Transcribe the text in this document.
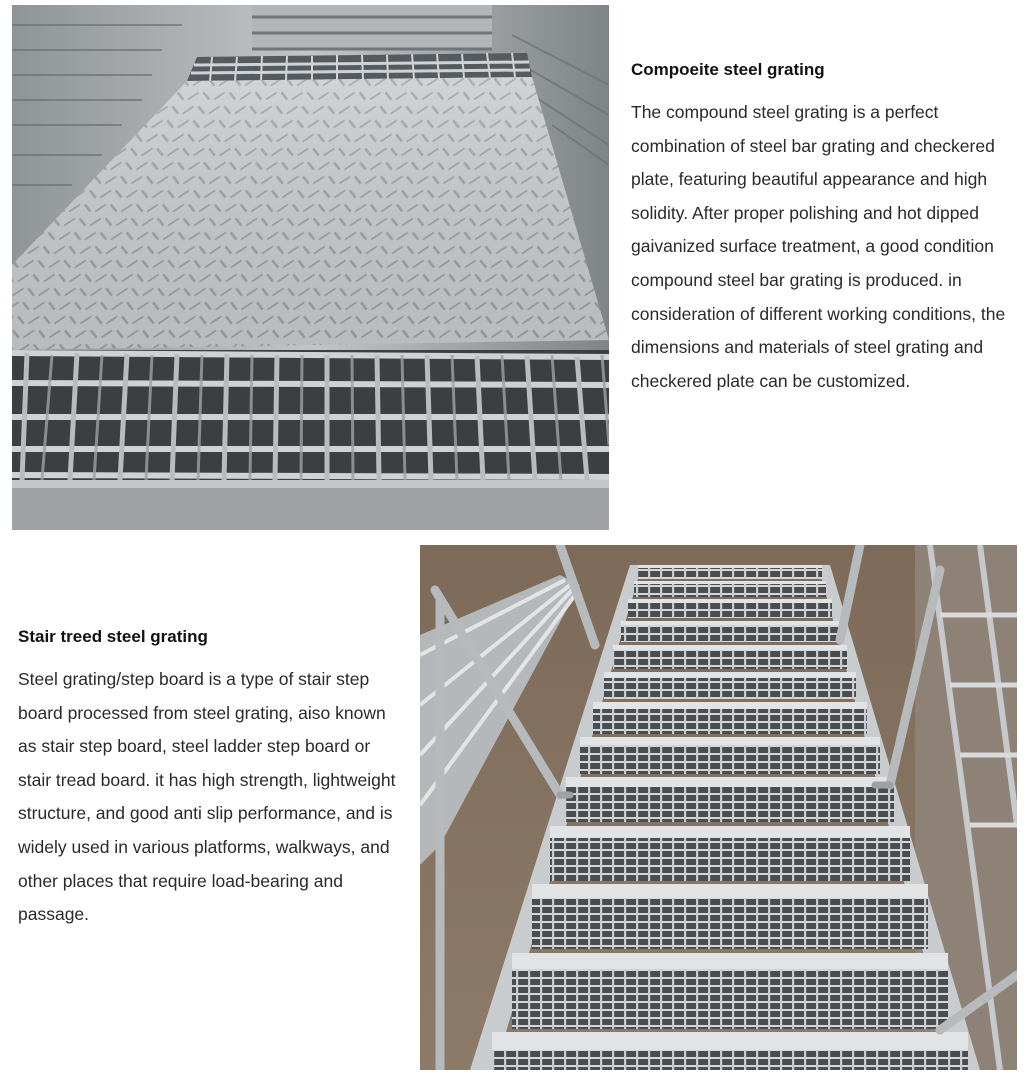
Compoeite steel grating

The compound steel grating is a perfect combination of steel bar grating and checkered plate, featuring beautiful appearance and high solidity. After proper polishing and hot dipped gaivanized surface treatment, a good condition compound steel bar grating is produced. in consideration of different working conditions, the dimensions and materials of steel grating and checkered plate can be customized.

Stair treed steel grating

Steel grating/step board is a type of stair step board processed from steel grating, aiso known as stair step board, steel ladder step board or stair tread board. it has high strength, lightweight structure, and good anti slip performance, and is widely used in various platforms, walkways, and other places that require load-bearing and passage.
